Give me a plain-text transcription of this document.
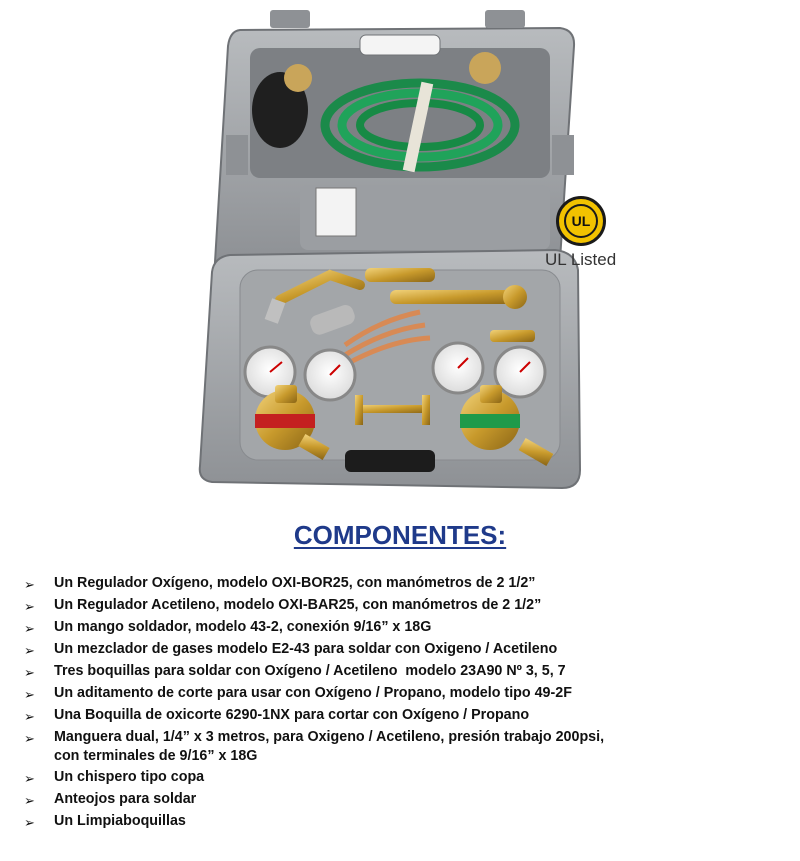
UL
UL Listed
COMPONENTES:
➢	Un Regulador Oxígeno, modelo OXI-BOR25, con manómetros de 2 1/2”
➢	Un Regulador Acetileno, modelo OXI-BAR25, con manómetros de 2 1/2”
➢	Un mango soldador, modelo 43-2, conexión 9/16” x 18G
➢	Un mezclador de gases modelo E2-43 para soldar con Oxigeno / Acetileno
➢	Tres boquillas para soldar con Oxígeno / Acetileno  modelo 23A90 Nº 3, 5, 7
➢	Un aditamento de corte para usar con Oxígeno / Propano, modelo tipo 49-2F
➢	Una Boquilla de oxicorte 6290-1NX para cortar con Oxígeno / Propano
➢	Manguera dual, 1/4” x 3 metros, para Oxigeno / Acetileno, presión trabajo 200psi,
con terminales de 9/16” x 18G
➢	Un chispero tipo copa
➢	Anteojos para soldar
➢	Un Limpiaboquillas
